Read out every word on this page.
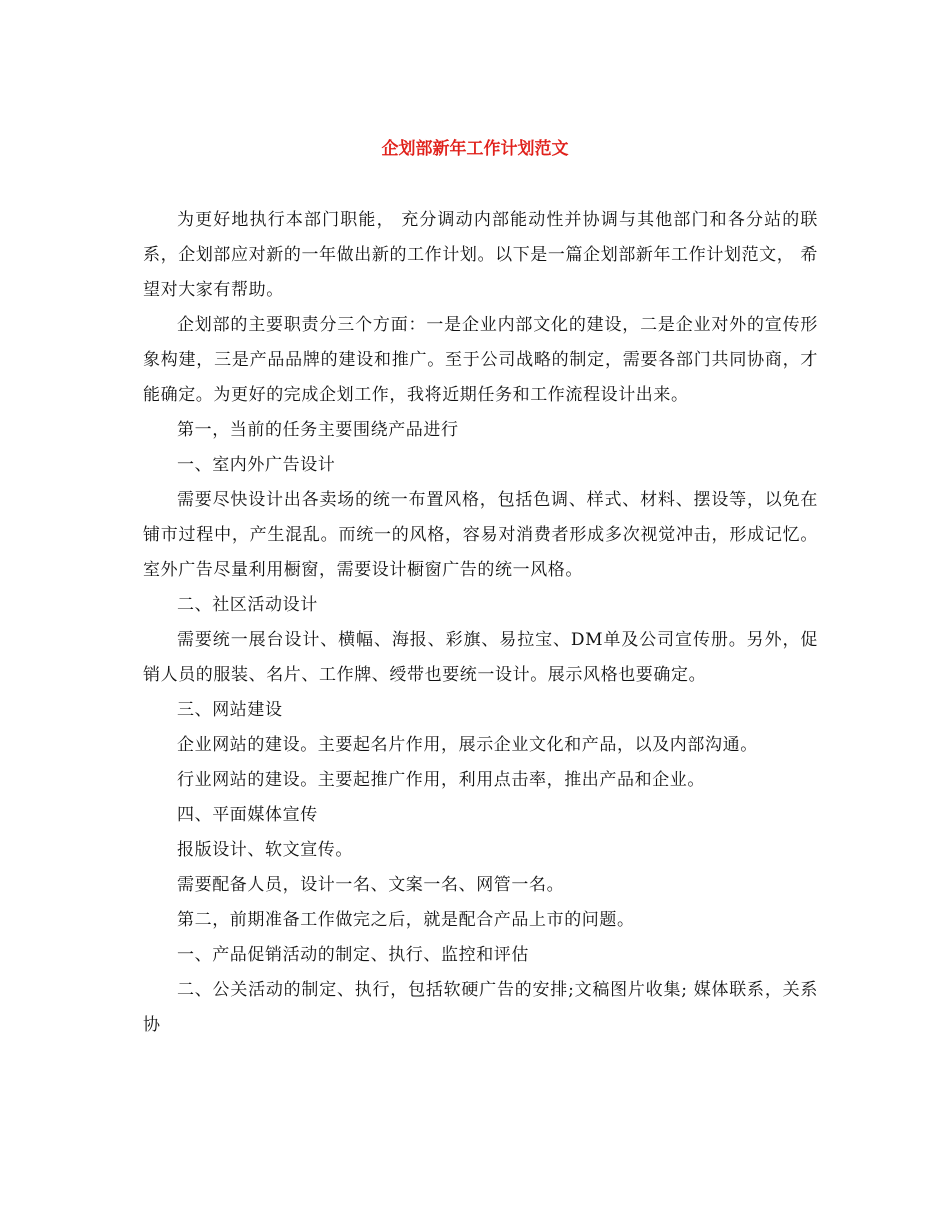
企划部新年工作计划范文

为更好地执行本部门职能， 充分调动内部能动性并协调与其他部门和各分站的联系，企划部应对新的一年做出新的工作计划。以下是一篇企划部新年工作计划范文， 希望对大家有帮助。

企划部的主要职责分三个方面：一是企业内部文化的建设，二是企业对外的宣传形象构建，三是产品品牌的建设和推广。至于公司战略的制定，需要各部门共同协商，才能确定。为更好的完成企划工作，我将近期任务和工作流程设计出来。

第一，当前的任务主要围绕产品进行

一、室内外广告设计

需要尽快设计出各卖场的统一布置风格，包括色调、样式、材料、摆设等，以免在铺市过程中，产生混乱。而统一的风格，容易对消费者形成多次视觉冲击，形成记忆。室外广告尽量利用橱窗，需要设计橱窗广告的统一风格。

二、社区活动设计

需要统一展台设计、横幅、海报、彩旗、易拉宝、DM单及公司宣传册。另外，促销人员的服装、名片、工作牌、绶带也要统一设计。展示风格也要确定。

三、网站建设

企业网站的建设。主要起名片作用，展示企业文化和产品，以及内部沟通。

行业网站的建设。主要起推广作用，利用点击率，推出产品和企业。

四、平面媒体宣传

报版设计、软文宣传。

需要配备人员，设计一名、文案一名、网管一名。

第二，前期准备工作做完之后，就是配合产品上市的问题。

一、产品促销活动的制定、执行、监控和评估

二、公关活动的制定、执行，包括软硬广告的安排;文稿图片收集; 媒体联系，关系协
